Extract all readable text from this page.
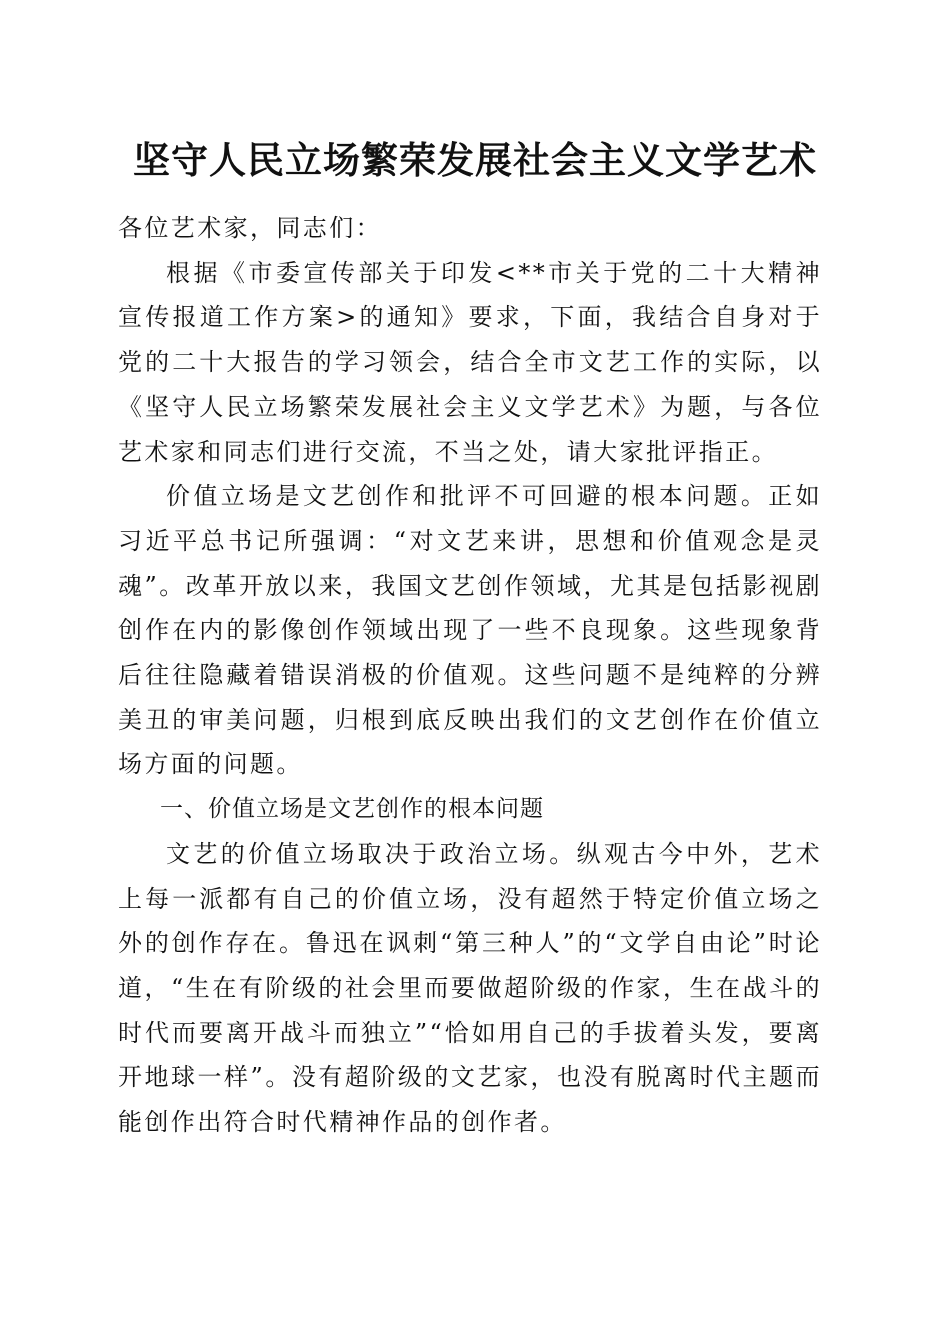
坚守人民立场繁荣发展社会主义文学艺术

各位艺术家，同志们：

根据《市委宣传部关于印发<**市关于党的二十大精神宣传报道工作方案>的通知》要求，下面，我结合自身对于党的二十大报告的学习领会，结合全市文艺工作的实际，以《坚守人民立场繁荣发展社会主义文学艺术》为题，与各位艺术家和同志们进行交流，不当之处，请大家批评指正。

价值立场是文艺创作和批评不可回避的根本问题。正如习近平总书记所强调：“对文艺来讲，思想和价值观念是灵魂”。改革开放以来，我国文艺创作领域，尤其是包括影视剧创作在内的影像创作领域出现了一些不良现象。这些现象背后往往隐藏着错误消极的价值观。这些问题不是纯粹的分辨美丑的审美问题，归根到底反映出我们的文艺创作在价值立场方面的问题。

一、价值立场是文艺创作的根本问题

文艺的价值立场取决于政治立场。纵观古今中外，艺术上每一派都有自己的价值立场，没有超然于特定价值立场之外的创作存在。鲁迅在讽刺“第三种人”的“文学自由论”时论道，“生在有阶级的社会里而要做超阶级的作家，生在战斗的时代而要离开战斗而独立”“恰如用自己的手拔着头发，要离开地球一样”。没有超阶级的文艺家，也没有脱离时代主题而能创作出符合时代精神作品的创作者。
